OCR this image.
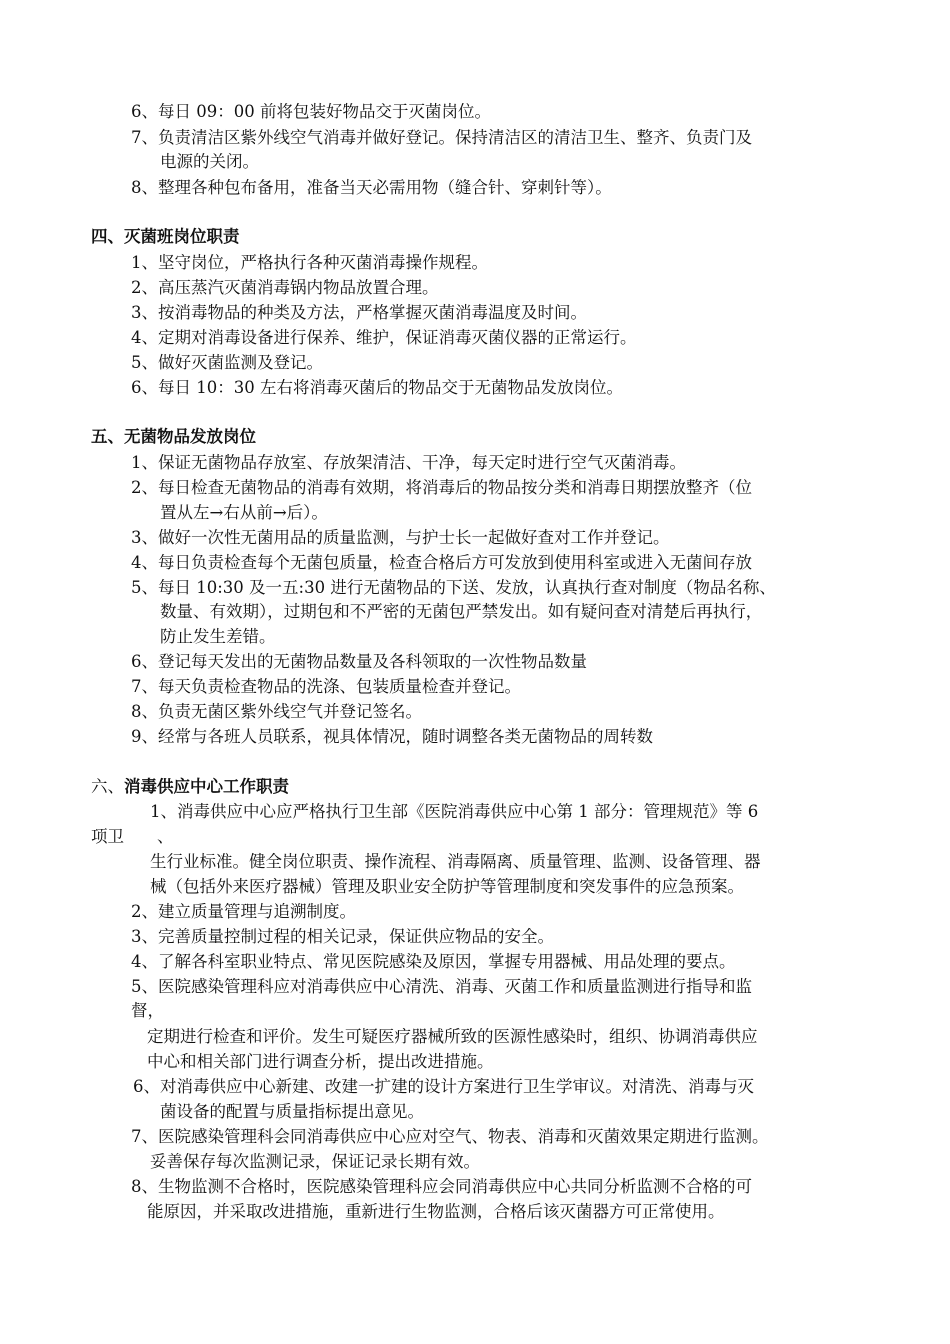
6、每日 09：00 前将包装好物品交于灭菌岗位。
7、负责清洁区紫外线空气消毒并做好登记。保持清洁区的清洁卫生、整齐、负责门及
电源的关闭。
8、整理各种包布备用，准备当天必需用物（缝合针、穿刺针等）。
四、灭菌班岗位职责
1、坚守岗位，严格执行各种灭菌消毒操作规程。
2、高压蒸汽灭菌消毒锅内物品放置合理。
3、按消毒物品的种类及方法，严格掌握灭菌消毒温度及时间。
4、定期对消毒设备进行保养、维护，保证消毒灭菌仪器的正常运行。
5、做好灭菌监测及登记。
6、每日 10：30 左右将消毒灭菌后的物品交于无菌物品发放岗位。
五、无菌物品发放岗位
1、保证无菌物品存放室、存放架清洁、干净，每天定时进行空气灭菌消毒。
2、每日检查无菌物品的消毒有效期，将消毒后的物品按分类和消毒日期摆放整齐（位
置从左→右从前→后）。
3、做好一次性无菌用品的质量监测，与护士长一起做好查对工作并登记。
4、每日负责检查每个无菌包质量，检查合格后方可发放到使用科室或进入无菌间存放
5、每日 10:30 及一五:30 进行无菌物品的下送、发放，认真执行查对制度（物品名称、
数量、有效期），过期包和不严密的无菌包严禁发出。如有疑问查对清楚后再执行，
防止发生差错。
6、登记每天发出的无菌物品数量及各科领取的一次性物品数量
7、每天负责检查物品的洗涤、包装质量检查并登记。
8、负责无菌区紫外线空气并登记签名。
9、经常与各班人员联系，视具体情况，随时调整各类无菌物品的周转数
六、消毒供应中心工作职责
1、消毒供应中心应严格执行卫生部《医院消毒供应中心第 1 部分：管理规范》等 6
项卫 、
生行业标准。健全岗位职责、操作流程、消毒隔离、质量管理、监测、设备管理、器
械（包括外来医疗器械）管理及职业安全防护等管理制度和突发事件的应急预案。
2、建立质量管理与追溯制度。
3、完善质量控制过程的相关记录，保证供应物品的安全。
4、了解各科室职业特点、常见医院感染及原因，掌握专用器械、用品处理的要点。
5、医院感染管理科应对消毒供应中心清洗、消毒、灭菌工作和质量监测进行指导和监
督，
定期进行检查和评价。发生可疑医疗器械所致的医源性感染时，组织、协调消毒供应
中心和相关部门进行调查分析，提出改进措施。
6、对消毒供应中心新建、改建一扩建的设计方案进行卫生学审议。对清洗、消毒与灭
菌设备的配置与质量指标提出意见。
7、医院感染管理科会同消毒供应中心应对空气、物表、消毒和灭菌效果定期进行监测。
妥善保存每次监测记录，保证记录长期有效。
8、生物监测不合格时，医院感染管理科应会同消毒供应中心共同分析监测不合格的可
能原因，并采取改进措施，重新进行生物监测，合格后该灭菌器方可正常使用。
